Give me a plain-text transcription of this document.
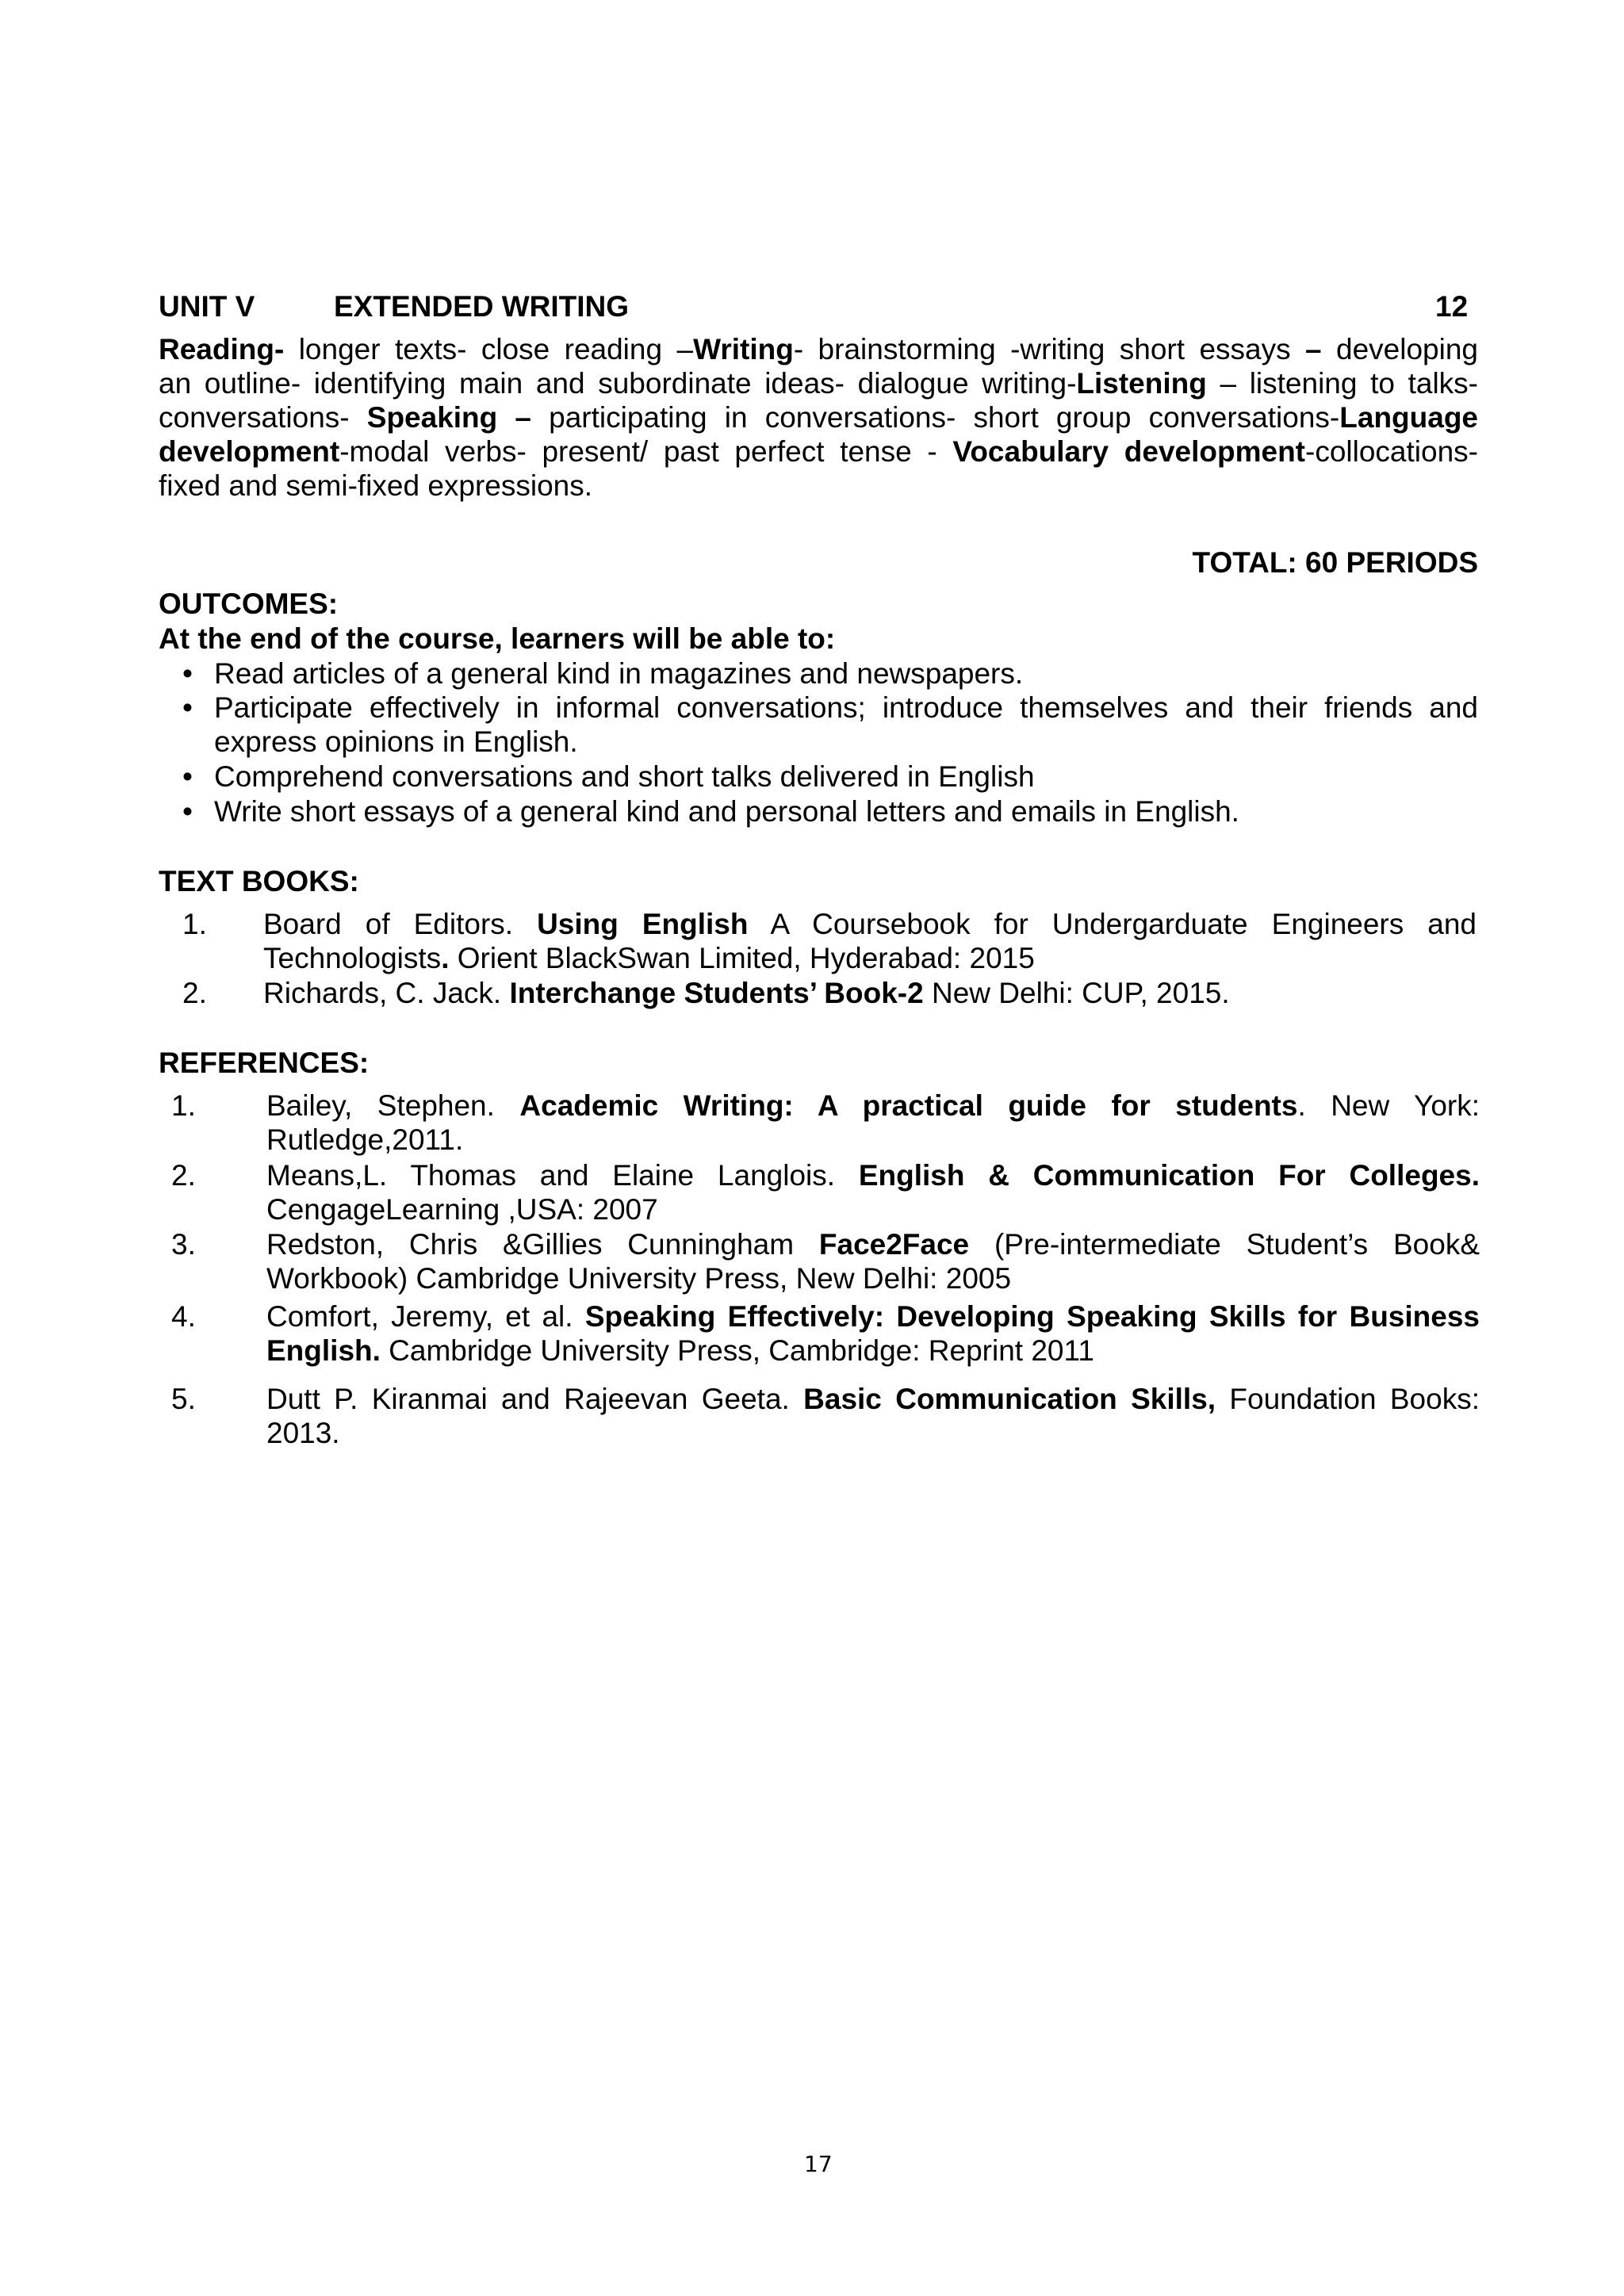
UNIT V	EXTENDED WRITING	12
Reading- longer texts- close reading –Writing- brainstorming -writing short essays – developing
an outline- identifying main and subordinate ideas- dialogue writing-Listening – listening to talks-
conversations- Speaking – participating in conversations- short group conversations-Language
development-modal verbs- present/ past perfect tense - Vocabulary development-collocations-
fixed and semi-fixed expressions.
TOTAL: 60 PERIODS
OUTCOMES:
At the end of the course, learners will be able to:
• Read articles of a general kind in magazines and newspapers.
• Participate effectively in informal conversations; introduce themselves and their friends and
express opinions in English.
• Comprehend conversations and short talks delivered in English
• Write short essays of a general kind and personal letters and emails in English.
TEXT BOOKS:
1. Board of Editors. Using English A Coursebook for Undergarduate Engineers and
Technologists. Orient BlackSwan Limited, Hyderabad: 2015
2. Richards, C. Jack. Interchange Students’ Book-2 New Delhi: CUP, 2015.
REFERENCES:
1. Bailey, Stephen. Academic Writing: A practical guide for students. New York:
Rutledge,2011.
2. Means,L. Thomas and Elaine Langlois. English & Communication For Colleges.
CengageLearning ,USA: 2007
3. Redston, Chris &Gillies Cunningham Face2Face (Pre-intermediate Student’s Book&
Workbook) Cambridge University Press, New Delhi: 2005
4. Comfort, Jeremy, et al. Speaking Effectively: Developing Speaking Skills for Business
English. Cambridge University Press, Cambridge: Reprint 2011
5. Dutt P. Kiranmai and Rajeevan Geeta. Basic Communication Skills, Foundation Books:
2013.
17
